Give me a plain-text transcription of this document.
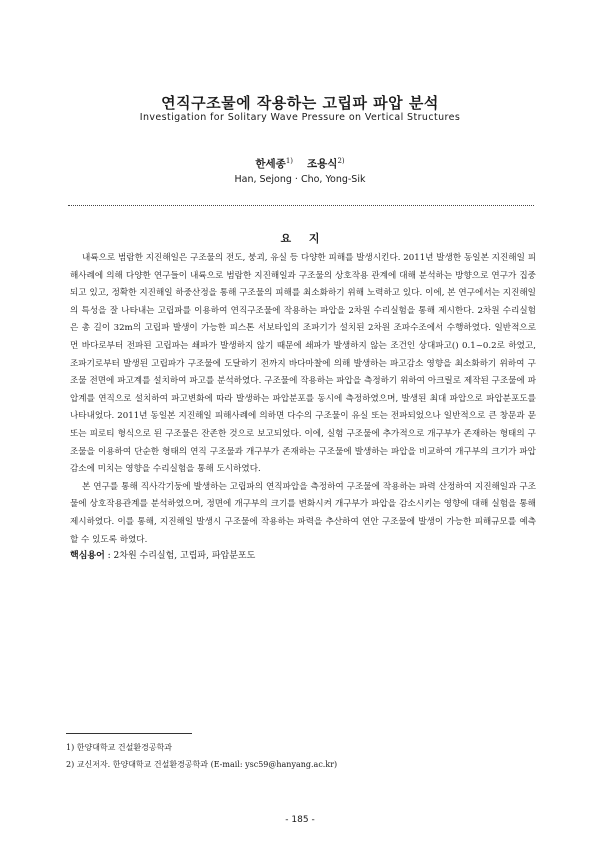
연직구조물에 작용하는 고립파 파압 분석
Investigation for Solitary Wave Pressure on Vertical Structures
한세종$^{1)}$ 조용식$^{2)}$
Han, Sejong · Cho, Yong-Sik
요 지

내륙으로 범람한 지진해일은 구조물의 전도, 붕괴, 유실 등 다양한 피해를 발생시킨다. 2011년 발생한 동일본 지진해일 피해사례에 의해 다양한 연구들이 내륙으로 범람한 지진해일과 구조물의 상호작용 관계에 대해 분석하는 방향으로 연구가 집중되고 있고, 정확한 지진해일 하중산정을 통해 구조물의 피해를 최소화하기 위해 노력하고 있다. 이에, 본 연구에서는 지진해일의 특성을 잘 나타내는 고립파를 이용하여 연직구조물에 작용하는 파압을 2차원 수리실험을 통해 제시한다. 2차원 수리실험은 총 길이 32m의 고립파 발생이 가능한 피스톤 서보타입의 조파기가 설치된 2차원 조파수조에서 수행하였다. 일반적으로 먼 바다로부터 전파된 고립파는 쇄파가 발생하지 않기 때문에 쇄파가 발생하지 않는 조건인 상대파고() 0.1~0.2로 하였고, 조파기로부터 발생된 고립파가 구조물에 도달하기 전까지 바다마찰에 의해 발생하는 파고감소 영향을 최소화하기 위하여 구조물 전면에 파고계를 설치하여 파고를 분석하였다. 구조물에 작용하는 파압을 측정하기 위하여 아크릴로 제작된 구조물에 파압계를 연직으로 설치하여 파고변화에 따라 발생하는 파압분포를 동시에 측정하였으며, 발생된 최대 파압으로 파압분포도를 나타내었다. 2011년 동일본 지진해일 피해사례에 의하면 다수의 구조물이 유실 또는 전파되었으나 일반적으로 큰 창문과 문 또는 피로티 형식으로 된 구조물은 잔존한 것으로 보고되었다. 이에, 실험 구조물에 추가적으로 개구부가 존재하는 형태의 구조물을 이용하여 단순한 형태의 연직 구조물과 개구부가 존재하는 구조물에 발생하는 파압을 비교하여 개구부의 크기가 파압 감소에 미치는 영향을 수리실험을 통해 도시하였다.

본 연구를 통해 직사각기둥에 발생하는 고립파의 연직파압을 측정하여 구조물에 작용하는 파력 산정하여 지진해일과 구조물에 상호작용관계를 분석하였으며, 정면에 개구부의 크기를 변화시켜 개구부가 파압을 감소시키는 영향에 대해 실험을 통해 제시하였다. 이를 통해, 지진해일 발생시 구조물에 작용하는 파력을 추산하여 연안 구조물에 발생이 가능한 피해규모를 예측 할 수 있도록 하였다.

핵심용어 : 2차원 수리실험, 고립파, 파압분포도
1) 한양대학교 건설환경공학과
2) 교신저자. 한양대학교 건설환경공학과 (E-mail: ysc59@hanyang.ac.kr)
- 185 -
